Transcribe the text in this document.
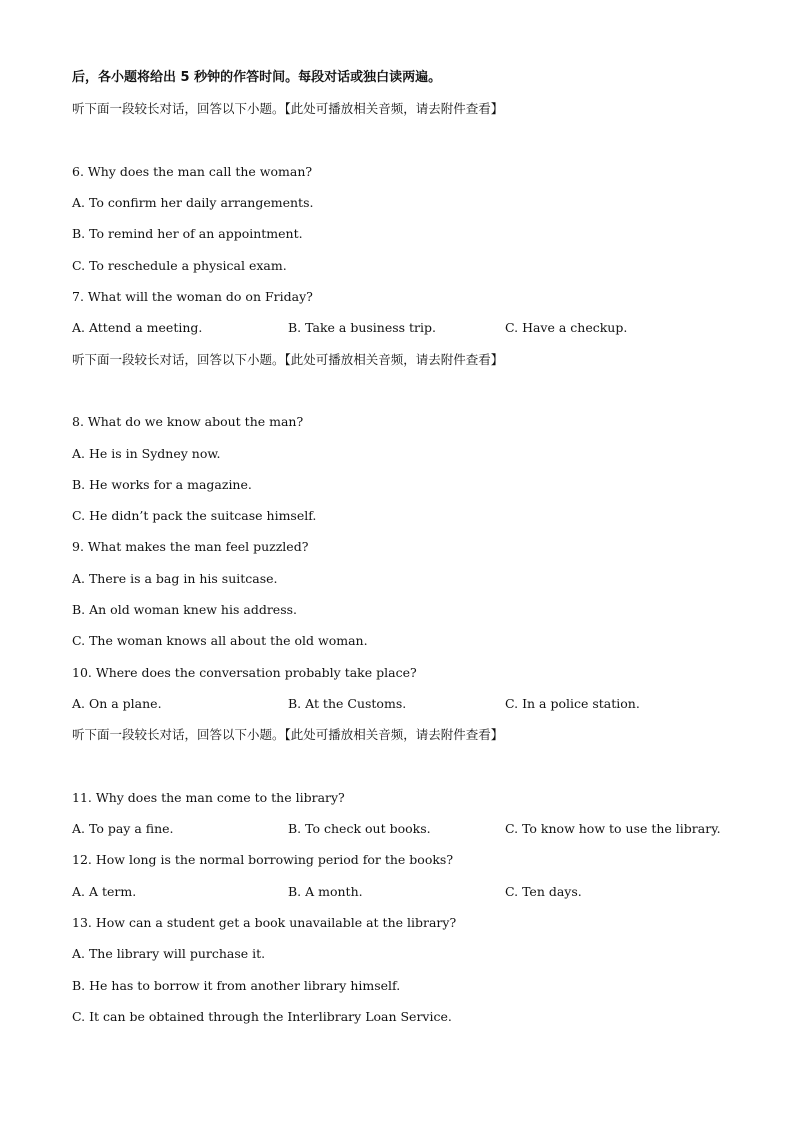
后，各小题将给出 5 秒钟的作答时间。每段对话或独白读两遍。
听下面一段较长对话，回答以下小题。【此处可播放相关音频，请去附件查看】
6. Why does the man call the woman?
A. To confirm her daily arrangements.
B. To remind her of an appointment.
C. To reschedule a physical exam.
7. What will the woman do on Friday?
A. Attend a meeting.	B. Take a business trip.	C. Have a checkup.
听下面一段较长对话，回答以下小题。【此处可播放相关音频，请去附件查看】
8. What do we know about the man?
A. He is in Sydney now.
B. He works for a magazine.
C. He didn’t pack the suitcase himself.
9. What makes the man feel puzzled?
A. There is a bag in his suitcase.
B. An old woman knew his address.
C. The woman knows all about the old woman.
10. Where does the conversation probably take place?
A. On a plane.	B. At the Customs.	C. In a police station.
听下面一段较长对话，回答以下小题。【此处可播放相关音频，请去附件查看】
11. Why does the man come to the library?
A. To pay a fine.	B. To check out books.	C. To know how to use the library.
12. How long is the normal borrowing period for the books?
A. A term.	B. A month.	C. Ten days.
13. How can a student get a book unavailable at the library?
A. The library will purchase it.
B. He has to borrow it from another library himself.
C. It can be obtained through the Interlibrary Loan Service.
